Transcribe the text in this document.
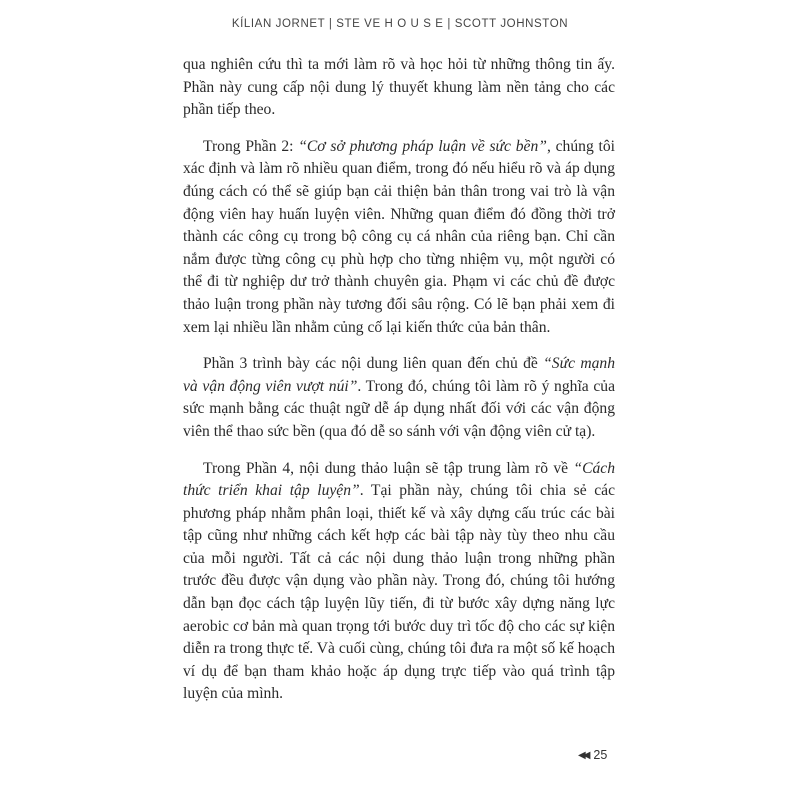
KÍLIAN JORNET | STE VE H O U S E | SCOTT JOHNSTON

qua nghiên cứu thì ta mới làm rõ và học hỏi từ những thông tin ấy. Phần này cung cấp nội dung lý thuyết khung làm nền tảng cho các phần tiếp theo.

Trong Phần 2: “Cơ sở phương pháp luận về sức bền”, chúng tôi xác định và làm rõ nhiều quan điểm, trong đó nếu hiểu rõ và áp dụng đúng cách có thể sẽ giúp bạn cải thiện bản thân trong vai trò là vận động viên hay huấn luyện viên. Những quan điểm đó đồng thời trở thành các công cụ trong bộ công cụ cá nhân của riêng bạn. Chỉ cần nắm được từng công cụ phù hợp cho từng nhiệm vụ, một người có thể đi từ nghiệp dư trở thành chuyên gia. Phạm vi các chủ đề được thảo luận trong phần này tương đối sâu rộng. Có lẽ bạn phải xem đi xem lại nhiều lần nhằm củng cố lại kiến thức của bản thân.

Phần 3 trình bày các nội dung liên quan đến chủ đề “Sức mạnh và vận động viên vượt núi”. Trong đó, chúng tôi làm rõ ý nghĩa của sức mạnh bằng các thuật ngữ dễ áp dụng nhất đối với các vận động viên thể thao sức bền (qua đó dễ so sánh với vận động viên cử tạ).

Trong Phần 4, nội dung thảo luận sẽ tập trung làm rõ về “Cách thức triển khai tập luyện”. Tại phần này, chúng tôi chia sẻ các phương pháp nhằm phân loại, thiết kế và xây dựng cấu trúc các bài tập cũng như những cách kết hợp các bài tập này tùy theo nhu cầu của mỗi người. Tất cả các nội dung thảo luận trong những phần trước đều được vận dụng vào phần này. Trong đó, chúng tôi hướng dẫn bạn đọc cách tập luyện lũy tiến, đi từ bước xây dựng năng lực aerobic cơ bản mà quan trọng tới bước duy trì tốc độ cho các sự kiện diễn ra trong thực tế. Và cuối cùng, chúng tôi đưa ra một số kế hoạch ví dụ để bạn tham khảo hoặc áp dụng trực tiếp vào quá trình tập luyện của mình.

◀◀ 25
